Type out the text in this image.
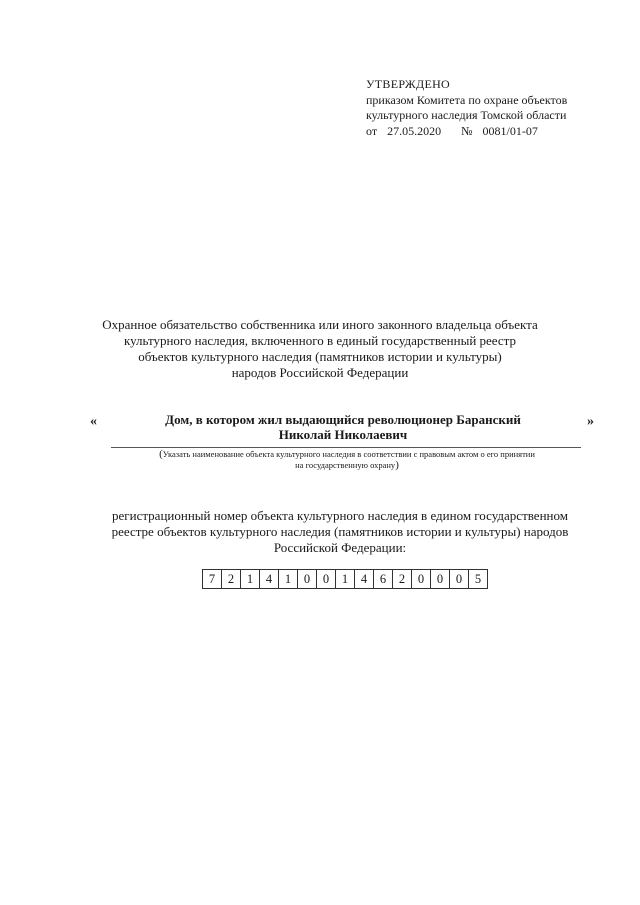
УТВЕРЖДЕНО
приказом Комитета по охране объектов
культурного наследия Томской области
от 27.05.2020 № 0081/01-07
Охранное обязательство собственника или иного законного владельца объекта
культурного наследия, включенного в единый государственный реестр
объектов культурного наследия (памятников истории и культуры)
народов Российской Федерации
«	Дом, в котором жил выдающийся революционер Баранский
Николай Николаевич
»
(Указать наименование объекта культурного наследия в соответствии с правовым актом о его принятии
на государственную охрану)
регистрационный номер объекта культурного наследия в едином государственном
реестре объектов культурного наследия (памятников истории и культуры) народов
Российской Федерации:
7	2	1	4	1	0	0	1	4	6	2	0	0	0	5
